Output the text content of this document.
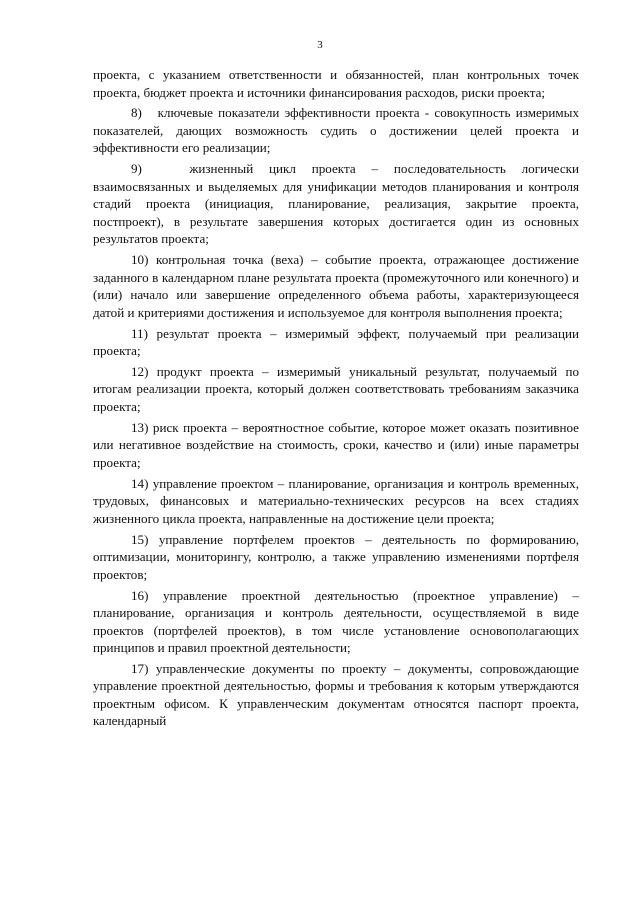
3

проекта, с указанием ответственности и обязанностей, план контрольных точек проекта, бюджет проекта и источники финансирования расходов, риски проекта;

8)   ключевые показатели эффективности проекта - совокупность измеримых показателей, дающих возможность судить о достижении целей проекта и эффективности его реализации;

9)   жизненный цикл проекта – последовательность логически взаимосвязанных и выделяемых для унификации методов планирования и контроля стадий проекта (инициация, планирование, реализация, закрытие проекта, постпроект), в результате завершения которых достигается один из основных результатов проекта;

10) контрольная точка (веха) – событие проекта, отражающее достижение заданного в календарном плане результата проекта (промежуточного или конечного) и (или) начало или завершение определенного объема работы, характеризующееся датой и критериями достижения и используемое для контроля выполнения проекта;

11) результат проекта – измеримый эффект, получаемый при реализации проекта;

12) продукт проекта – измеримый уникальный результат, получаемый по итогам реализации проекта, который должен соответствовать требованиям заказчика проекта;

13) риск проекта – вероятностное событие, которое может оказать позитивное или негативное воздействие на стоимость, сроки, качество и (или) иные параметры проекта;

14) управление проектом – планирование, организация и контроль временных, трудовых, финансовых и материально-технических ресурсов на всех стадиях жизненного цикла проекта, направленные на достижение цели проекта;

15) управление портфелем проектов – деятельность по формированию, оптимизации, мониторингу, контролю, а также управлению изменениями портфеля проектов;

16) управление проектной деятельностью (проектное управление) – планирование, организация и контроль деятельности, осуществляемой в виде проектов (портфелей проектов), в том числе установление основополагающих принципов и правил проектной деятельности;

17) управленческие документы по проекту – документы, сопровождающие управление проектной деятельностью, формы и требования к которым утверждаются проектным офисом. К управленческим документам относятся паспорт проекта, календарный
